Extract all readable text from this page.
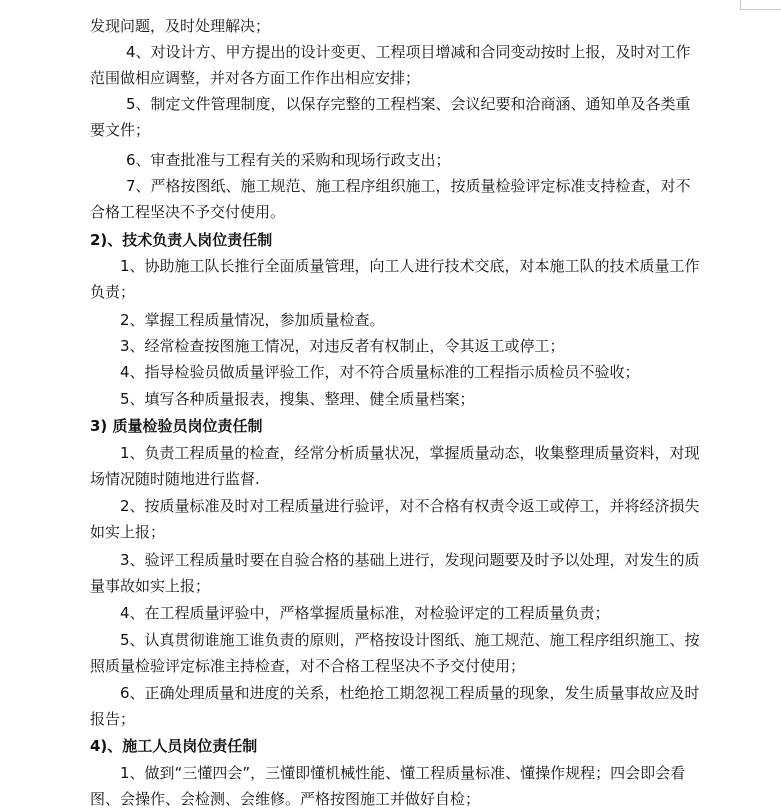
发现问题，及时处理解决；
4、对设计方、甲方提出的设计变更、工程项目增减和合同变动按时上报，及时对工作
范围做相应调整，并对各方面工作作出相应安排；
5、制定文件管理制度，以保存完整的工程档案、会议纪要和洽商涵、通知单及各类重
要文件；
6、审查批准与工程有关的采购和现场行政支出；
7、严格按图纸、施工规范、施工程序组织施工，按质量检验评定标准支持检查，对不
合格工程坚决不予交付使用。
2)、技术负责人岗位责任制
1、协助施工队长推行全面质量管理，向工人进行技术交底，对本施工队的技术质量工作
负责；
2、掌握工程质量情况，参加质量检查。
3、经常检查按图施工情况，对违反者有权制止，令其返工或停工；
4、指导检验员做质量评验工作，对不符合质量标准的工程指示质检员不验收；
5、填写各种质量报表，搜集、整理、健全质量档案；
3) 质量检验员岗位责任制
1、负责工程质量的检查，经常分析质量状况，掌握质量动态，收集整理质量资料，对现
场情况随时随地进行监督.
2、按质量标准及时对工程质量进行验评，对不合格有权责令返工或停工，并将经济损失
如实上报；
3、验评工程质量时要在自验合格的基础上进行，发现问题要及时予以处理，对发生的质
量事故如实上报；
4、在工程质量评验中，严格掌握质量标准，对检验评定的工程质量负责；
5、认真贯彻谁施工谁负责的原则，严格按设计图纸、施工规范、施工程序组织施工、按
照质量检验评定标准主持检查，对不合格工程坚决不予交付使用；
6、正确处理质量和进度的关系，杜绝抢工期忽视工程质量的现象，发生质量事故应及时
报告；
4)、施工人员岗位责任制
1、做到“三懂四会”，三懂即懂机械性能、懂工程质量标准、懂操作规程；四会即会看
图、会操作、会检测、会维修。严格按图施工并做好自检；
